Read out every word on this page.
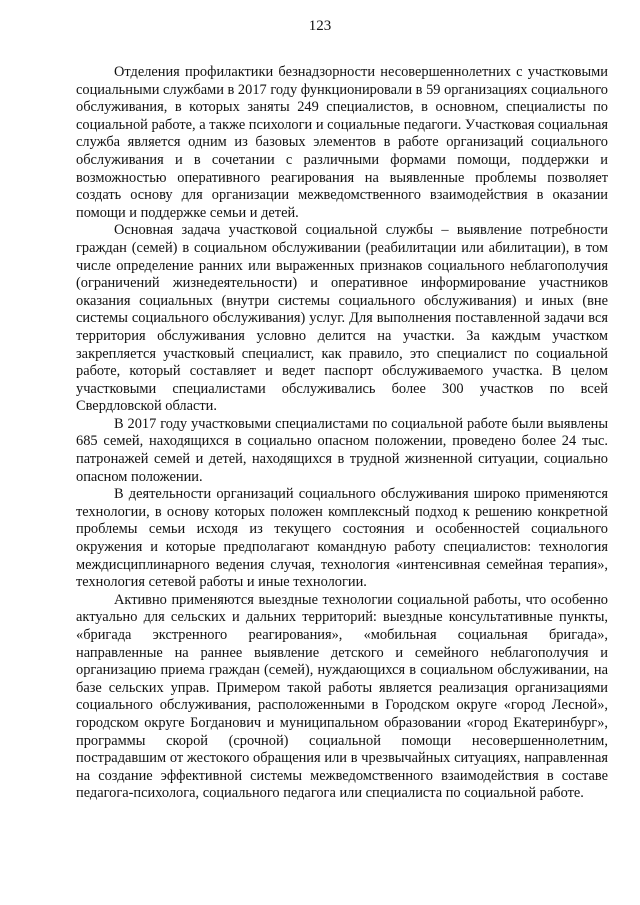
123

Отделения профилактики безнадзорности несовершеннолетних с участковыми социальными службами в 2017 году функционировали в 59 организациях социального обслуживания, в которых заняты 249 специалистов, в основном, специалисты по социальной работе, а также психологи и социальные педагоги. Участковая социальная служба является одним из базовых элементов в работе организаций социального обслуживания и в сочетании с различными формами помощи, поддержки и возможностью оперативного реагирования на выявленные проблемы позволяет создать основу для организации межведомственного взаимодействия в оказании помощи и поддержке семьи и детей.

Основная задача участковой социальной службы – выявление потребности граждан (семей) в социальном обслуживании (реабилитации или абилитации), в том числе определение ранних или выраженных признаков социального неблагополучия (ограничений жизнедеятельности) и оперативное информирование участников оказания социальных (внутри системы социального обслуживания) и иных (вне системы социального обслуживания) услуг. Для выполнения поставленной задачи вся территория обслуживания условно делится на участки. За каждым участком закрепляется участковый специалист, как правило, это специалист по социальной работе, который составляет и ведет паспорт обслуживаемого участка. В целом участковыми специалистами обслуживались более 300 участков по всей Свердловской области.

В 2017 году участковыми специалистами по социальной работе были выявлены 685 семей, находящихся в социально опасном положении, проведено более 24 тыс. патронажей семей и детей, находящихся в трудной жизненной ситуации, социально опасном положении.

В деятельности организаций социального обслуживания широко применяются технологии, в основу которых положен комплексный подход к решению конкретной проблемы семьи исходя из текущего состояния и особенностей социального окружения и которые предполагают командную работу специалистов: технология междисциплинарного ведения случая, технология «интенсивная семейная терапия», технология сетевой работы и иные технологии.

Активно применяются выездные технологии социальной работы, что особенно актуально для сельских и дальних территорий: выездные консультативные пункты, «бригада экстренного реагирования», «мобильная социальная бригада», направленные на раннее выявление детского и семейного неблагополучия и организацию приема граждан (семей), нуждающихся в социальном обслуживании, на базе сельских управ. Примером такой работы является реализация организациями социального обслуживания, расположенными в Городском округе «город Лесной», городском округе Богданович и муниципальном образовании «город Екатеринбург», программы скорой (срочной) социальной помощи несовершеннолетним, пострадавшим от жестокого обращения или в чрезвычайных ситуациях, направленная на создание эффективной системы межведомственного взаимодействия в составе педагога-психолога, социального педагога или специалиста по социальной работе.
